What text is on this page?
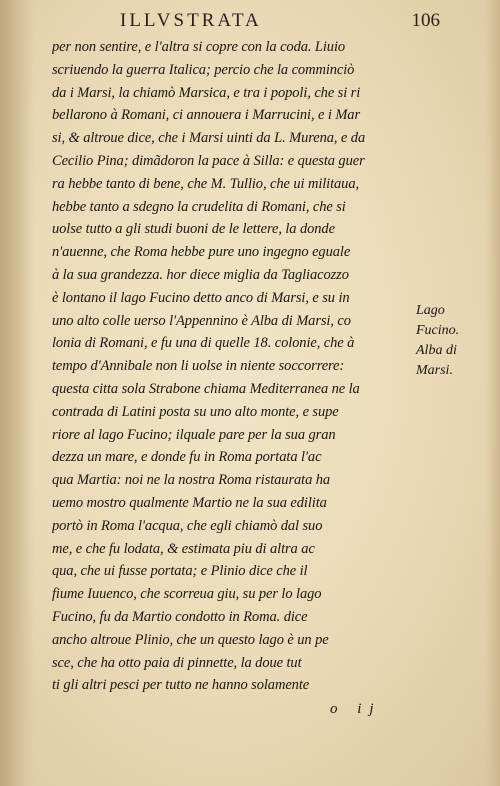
ILLVSTRATA	106
per non sentire, e l'altra si copre con la coda. Liuio
scriuendo la guerra Italica; percio che la comminciò
da i Marsi, la chiamò Marsica, e tra i popoli, che si ri
bellarono à Romani, ci annouera i Marrucini, e i Mar
si, & altroue dice, che i Marsi uinti da L. Murena, e da
Cecilio Pina; dimãdoron la pace à Silla: e questa guer
ra hebbe tanto di bene, che M. Tullio, che ui militaua,
hebbe tanto a sdegno la crudelita di Romani, che si
uolse tutto a gli studi buoni de le lettere, la donde
n'auenne, che Roma hebbe pure uno ingegno eguale
à la sua grandezza. hor diece miglia da Tagliacozzo
è lontano il lago Fucino detto anco di Marsi, e su in
uno alto colle uerso l'Appennino è Alba di Marsi, co
lonia di Romani, e fu una di quelle 18. colonie, che à
tempo d'Annibale non li uolse in niente soccorrere:
questa citta sola Strabone chiama Mediterranea ne la
contrada di Latini posta su uno alto monte, e supe
riore al lago Fucino; ilquale pare per la sua gran
dezza un mare, e donde fu in Roma portata l'ac
qua Martia: noi ne la nostra Roma ristaurata ha
uemo mostro qualmente Martio ne la sua edilita
portò in Roma l'acqua, che egli chiamò dal suo
me, e che fu lodata, & estimata piu di altra ac
qua, che ui fusse portata; e Plinio dice che il
fiume Iuuenco, che scorreua giu, su per lo lago
Fucino, fu da Martio condotto in Roma. dice
ancho altroue Plinio, che un questo lago è un pe
sce, che ha otto paia di pinnette, la doue tut
ti gli altri pesci per tutto ne hanno solamente
Lago
Fucino.
Alba di
Marsi.
o ij
